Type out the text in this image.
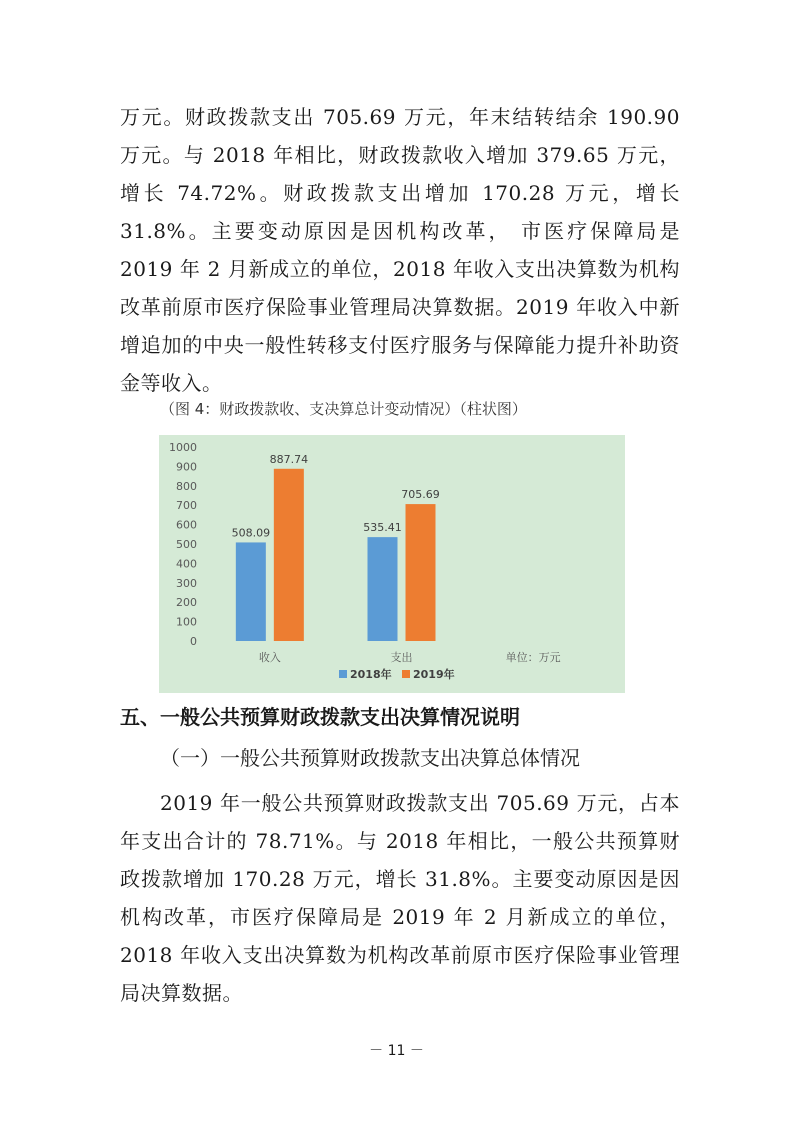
万元。财政拨款支出 705.69 万元，年末结转结余 190.90 万元。与 2018 年相比，财政拨款收入增加 379.65 万元，增长 74.72%。财政拨款支出增加 170.28 万元，增长 31.8%。主要变动原因是因机构改革， 市医疗保障局是 2019 年 2 月新成立的单位，2018 年收入支出决算数为机构改革前原市医疗保险事业管理局决算数据。2019 年收入中新增追加的中央一般性转移支付医疗服务与保障能力提升补助资金等收入。

（图 4：财政拨款收、支决算总计变动情况）（柱状图）

0
100
200
300
400
500
600
700
800
900
1000
收入
508.09
887.74
支出
535.41
705.69
单位：万元
2018年 2019年

五、一般公共预算财政拨款支出决算情况说明

（一）一般公共预算财政拨款支出决算总体情况

2019 年一般公共预算财政拨款支出 705.69 万元，占本年支出合计的 78.71%。与 2018 年相比，一般公共预算财政拨款增加 170.28 万元，增长 31.8%。主要变动原因是因机构改革，市医疗保障局是 2019 年 2 月新成立的单位，2018 年收入支出决算数为机构改革前原市医疗保险事业管理局决算数据。

－ 11 －
